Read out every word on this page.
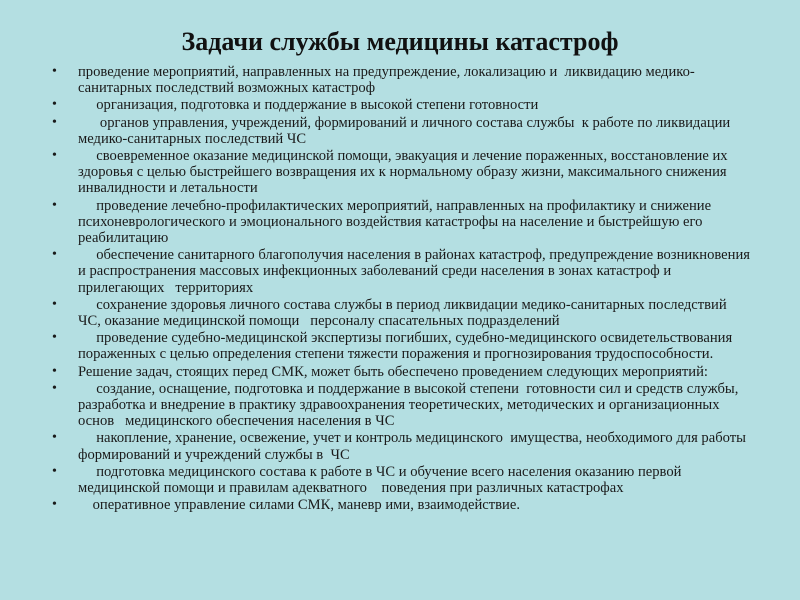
Задачи службы медицины катастроф
• проведение мероприятий, направленных на предупреждение, локализацию и  ликвидацию медико-санитарных последствий возможных катастроф
•      организация, подготовка и поддержание в высокой степени готовности
•       органов управления, учреждений, формирований и личного состава службы  к работе по ликвидации медико-санитарных последствий ЧС
•      своевременное оказание медицинской помощи, эвакуация и лечение пораженных, восстановление их здоровья с целью быстрейшего возвращения их к нормальному образу жизни, максимального снижения инвалидности и летальности
•      проведение лечебно-профилактических мероприятий, направленных на профилактику и снижение психоневрологического и эмоционального воздействия катастрофы на население и быстрейшую его реабилитацию
•      обеспечение санитарного благополучия населения в районах катастроф, предупреждение возникновения и распространения массовых инфекционных заболеваний среди населения в зонах катастроф и прилегающих   территориях
•      сохранение здоровья личного состава службы в период ликвидации медико-санитарных последствий ЧС, оказание медицинской помощи   персоналу спасательных подразделений
•      проведение судебно-медицинской экспертизы погибших, судебно-медицинского освидетельствования пораженных с целью определения степени тяжести поражения и прогнозирования трудоспособности.
• Решение задач, стоящих перед СМК, может быть обеспечено проведением следующих мероприятий:
•      создание, оснащение, подготовка и поддержание в высокой степени  готовности сил и средств службы, разработка и внедрение в практику здравоохранения теоретических, методических и организационных основ   медицинского обеспечения населения в ЧС
•      накопление, хранение, освежение, учет и контроль медицинского  имущества, необходимого для работы формирований и учреждений службы в  ЧС
•      подготовка медицинского состава к работе в ЧС и обучение всего населения оказанию первой медицинской помощи и правилам адекватного    поведения при различных катастрофах
•     оперативное управление силами СМК, маневр ими, взаимодействие.
